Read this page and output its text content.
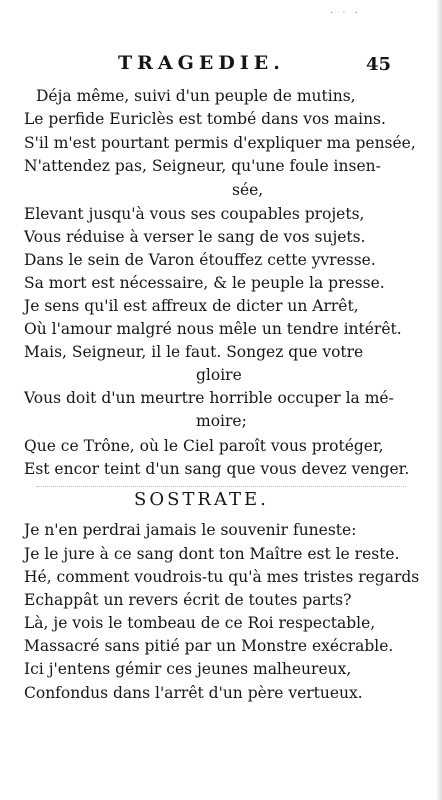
· · ·
TRAGEDIE.	45
Déja même, suivi d'un peuple de mutins,
Le perfide Euriclès est tombé dans vos mains.
S'il m'est pourtant permis d'expliquer ma pensée,
N'attendez pas, Seigneur, qu'une foule insen-
sée,
Elevant jusqu'à vous ses coupables projets,
Vous réduise à verser le sang de vos sujets.
Dans le sein de Varon étouffez cette yvresse.
Sa mort est nécessaire, & le peuple la presse.
Je sens qu'il est affreux de dicter un Arrêt,
Où l'amour malgré nous mêle un tendre intérêt.
Mais, Seigneur, il le faut. Songez que votre
gloire
Vous doit d'un meurtre horrible occuper la mé-
moire;
Que ce Trône, où le Ciel paroît vous protéger,
Est encor teint d'un sang que vous devez venger.
SOSTRATE.
Je n'en perdrai jamais le souvenir funeste:
Je le jure à ce sang dont ton Maître est le reste.
Hé, comment voudrois-tu qu'à mes tristes regards
Echappât un revers écrit de toutes parts?
Là, je vois le tombeau de ce Roi respectable,
Massacré sans pitié par un Monstre exécrable.
Ici j'entens gémir ces jeunes malheureux,
Confondus dans l'arrêt d'un père vertueux.
